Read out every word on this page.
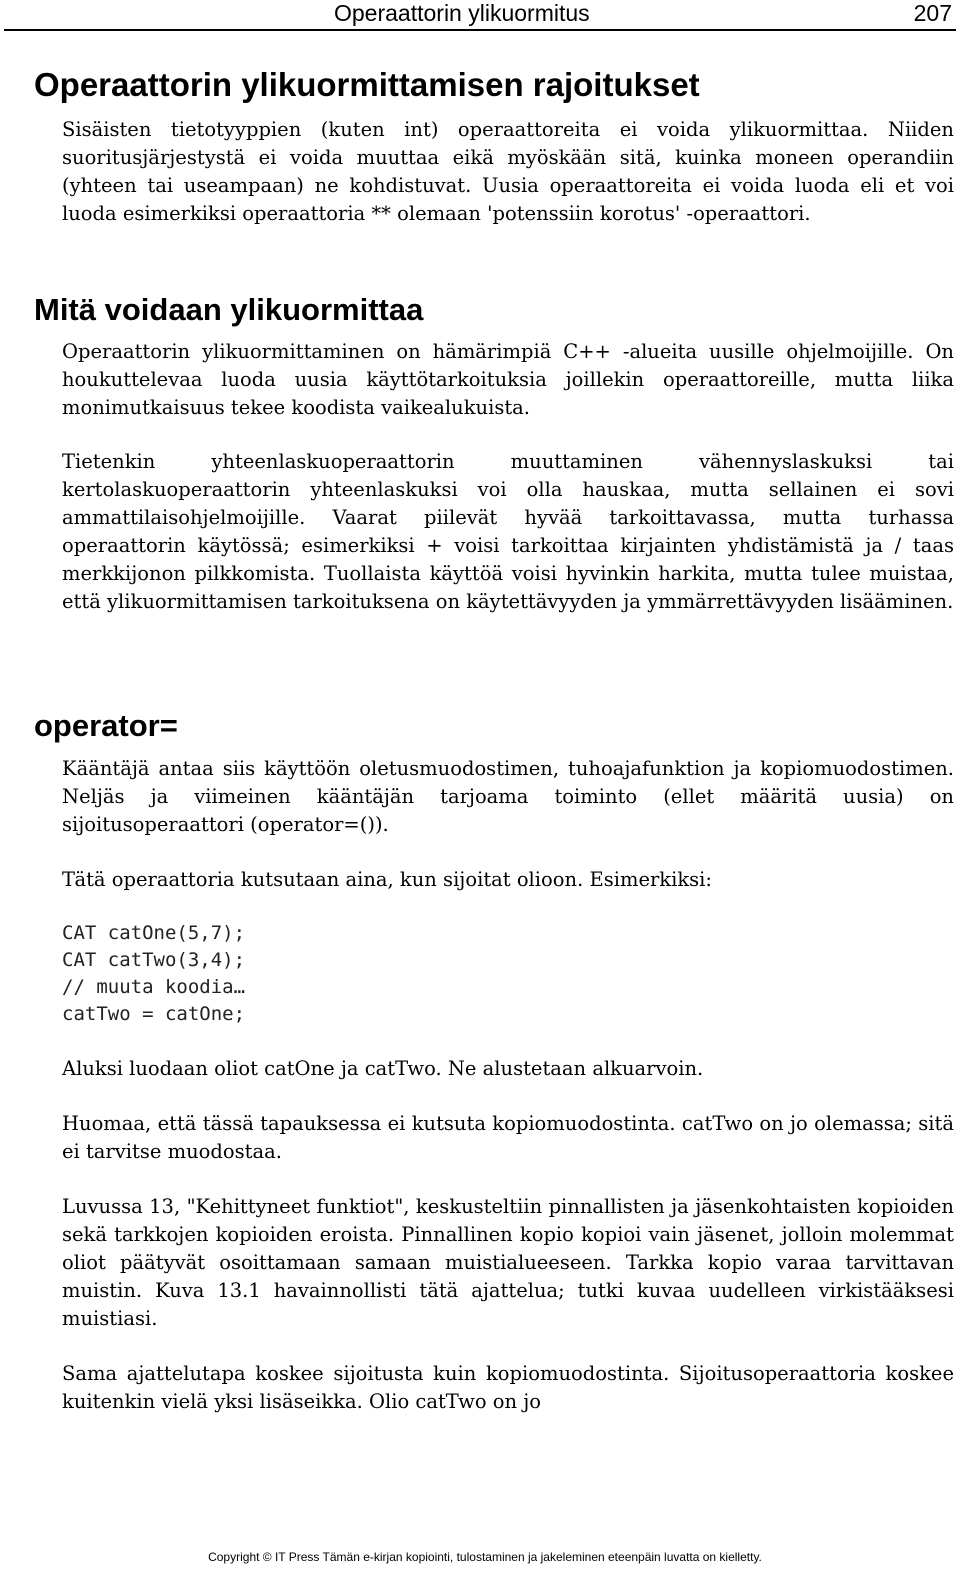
Operaattorin ylikuormitus	207
Operaattorin ylikuormittamisen rajoitukset

Sisäisten tietotyyppien (kuten int) operaattoreita ei voida ylikuormittaa. Niiden suoritusjärjestystä ei voida muuttaa eikä myöskään sitä, kuinka moneen operandiin (yhteen tai useampaan) ne kohdistuvat. Uusia operaattoreita ei voida luoda eli et voi luoda esimerkiksi operaattoria ** olemaan 'potenssiin korotus' -operaattori.

Mitä voidaan ylikuormittaa

Operaattorin ylikuormittaminen on hämärimpiä C++ -alueita uusille ohjelmoijille. On houkuttelevaa luoda uusia käyttötarkoituksia joillekin operaattoreille, mutta liika monimutkaisuus tekee koodista vaikealukuista.

Tietenkin yhteenlaskuoperaattorin muuttaminen vähennyslaskuksi tai kertolaskuoperaattorin yhteenlaskuksi voi olla hauskaa, mutta sellainen ei sovi ammattilaisohjelmoijille. Vaarat piilevät hyvää tarkoittavassa, mutta turhassa operaattorin käytössä; esimerkiksi + voisi tarkoittaa kirjainten yhdistämistä ja / taas merkkijonon pilkkomista. Tuollaista käyttöä voisi hyvinkin harkita, mutta tulee muistaa, että ylikuormittamisen tarkoituksena on käytettävyyden ja ymmärrettävyyden lisääminen.

operator=

Kääntäjä antaa siis käyttöön oletusmuodostimen, tuhoajafunktion ja kopiomuodostimen. Neljäs ja viimeinen kääntäjän tarjoama toiminto (ellet määritä uusia) on sijoitusoperaattori (operator=()).

Tätä operaattoria kutsutaan aina, kun sijoitat olioon. Esimerkiksi:

CAT catOne(5,7);
CAT catTwo(3,4);
// muuta koodia…
catTwo = catOne;

Aluksi luodaan oliot catOne ja catTwo. Ne alustetaan alkuarvoin.

Huomaa, että tässä tapauksessa ei kutsuta kopiomuodostinta. catTwo on jo olemassa; sitä ei tarvitse muodostaa.

Luvussa 13, "Kehittyneet funktiot", keskusteltiin pinnallisten ja jäsenkohtaisten kopioiden sekä tarkkojen kopioiden eroista. Pinnallinen kopio kopioi vain jäsenet, jolloin molemmat oliot päätyvät osoittamaan samaan muistialueeseen. Tarkka kopio varaa tarvittavan muistin. Kuva 13.1 havainnollisti tätä ajattelua; tutki kuvaa uudelleen virkistääksesi muistiasi.

Sama ajattelutapa koskee sijoitusta kuin kopiomuodostinta. Sijoitusoperaattoria koskee kuitenkin vielä yksi lisäseikka. Olio catTwo on jo

Copyright © IT Press Tämän e-kirjan kopiointi, tulostaminen ja jakeleminen eteenpäin luvatta on kielletty.
